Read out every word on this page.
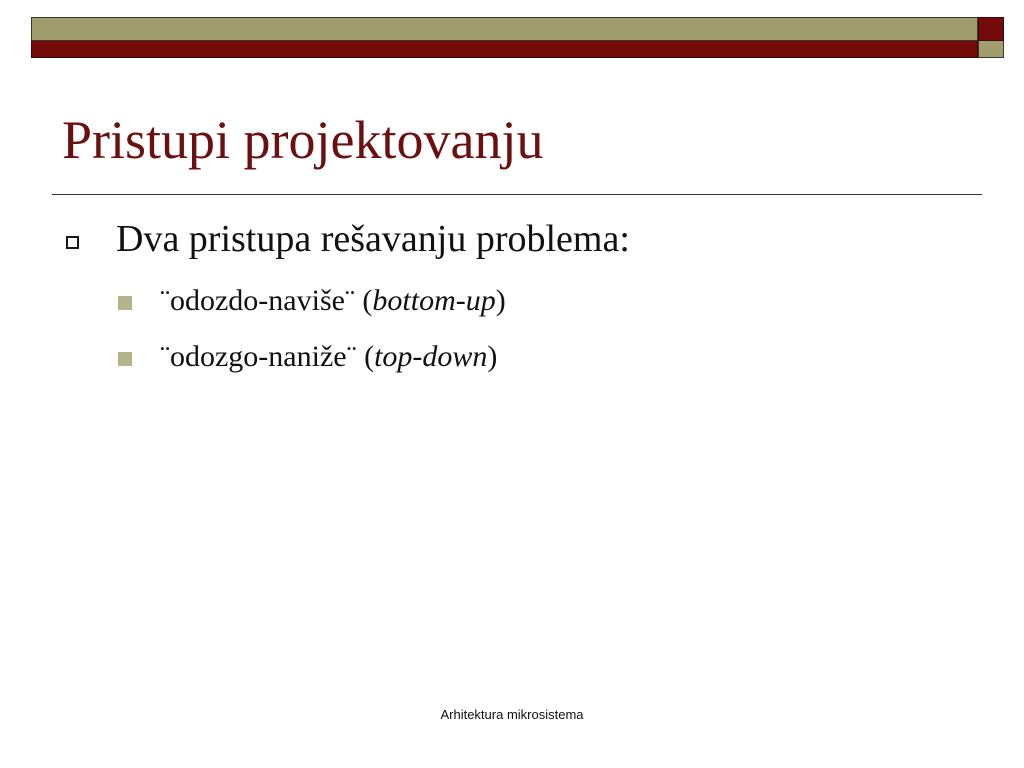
Pristupi projektovanju
Dva pristupa rešavanju problema:
¨odozdo-naviše¨ (bottom-up)
¨odozgo-naniže¨ (top-down)
Arhitektura mikrosistema
